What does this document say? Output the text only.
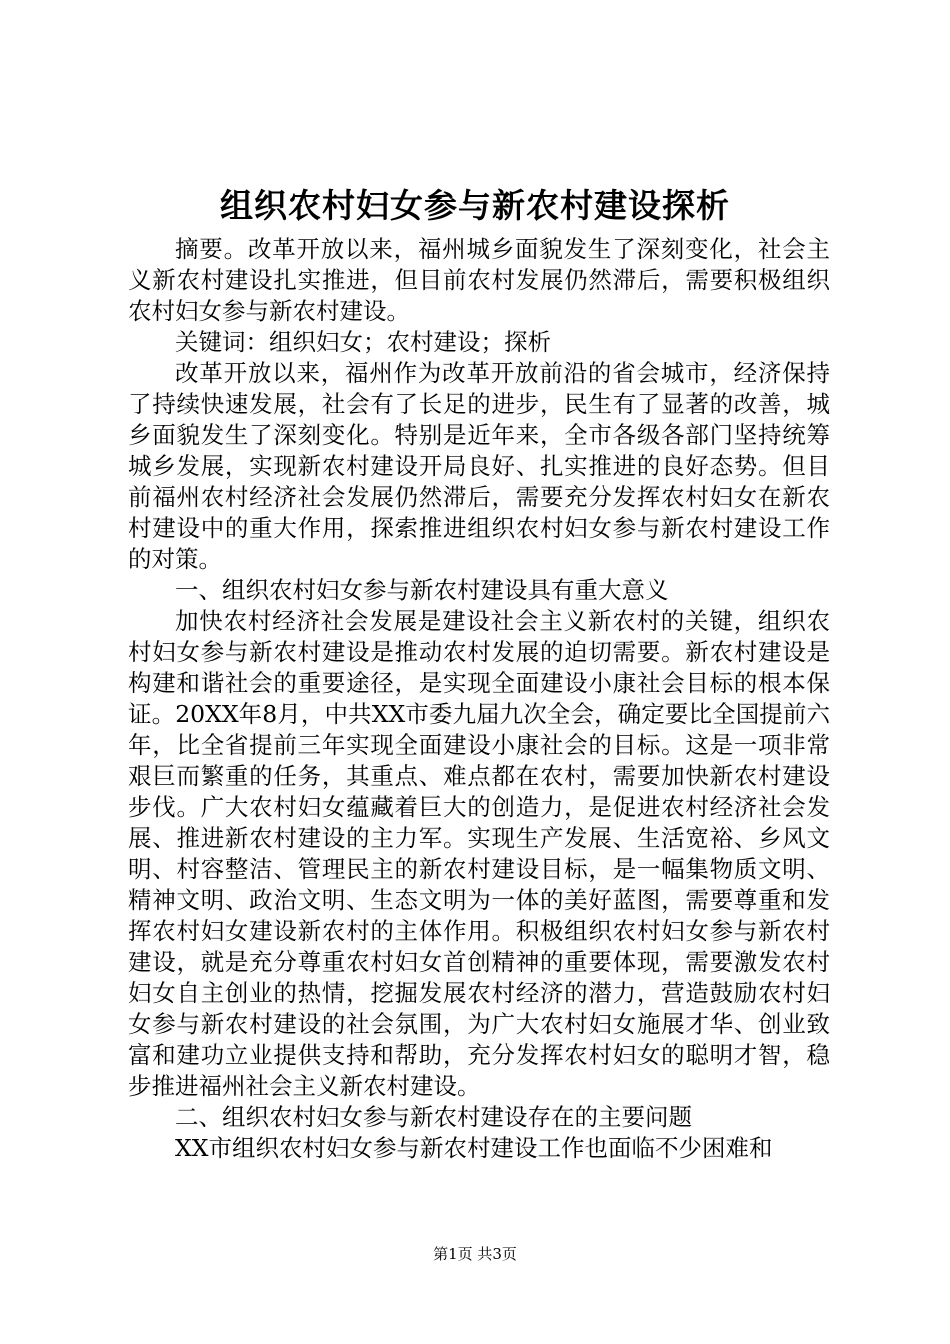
组织农村妇女参与新农村建设探析

摘要。改革开放以来，福州城乡面貌发生了深刻变化，社会主义新农村建设扎实推进，但目前农村发展仍然滞后，需要积极组织农村妇女参与新农村建设。

关键词：组织妇女；农村建设；探析

改革开放以来，福州作为改革开放前沿的省会城市，经济保持了持续快速发展，社会有了长足的进步，民生有了显著的改善，城乡面貌发生了深刻变化。特别是近年来，全市各级各部门坚持统筹城乡发展，实现新农村建设开局良好、扎实推进的良好态势。但目前福州农村经济社会发展仍然滞后，需要充分发挥农村妇女在新农村建设中的重大作用，探索推进组织农村妇女参与新农村建设工作的对策。

一、组织农村妇女参与新农村建设具有重大意义

加快农村经济社会发展是建设社会主义新农村的关键，组织农村妇女参与新农村建设是推动农村发展的迫切需要。新农村建设是构建和谐社会的重要途径，是实现全面建设小康社会目标的根本保证。20XX年8月，中共XX市委九届九次全会，确定要比全国提前六年，比全省提前三年实现全面建设小康社会的目标。这是一项非常艰巨而繁重的任务，其重点、难点都在农村，需要加快新农村建设步伐。广大农村妇女蕴藏着巨大的创造力，是促进农村经济社会发展、推进新农村建设的主力军。实现生产发展、生活宽裕、乡风文明、村容整洁、管理民主的新农村建设目标，是一幅集物质文明、精神文明、政治文明、生态文明为一体的美好蓝图，需要尊重和发挥农村妇女建设新农村的主体作用。积极组织农村妇女参与新农村建设，就是充分尊重农村妇女首创精神的重要体现，需要激发农村妇女自主创业的热情，挖掘发展农村经济的潜力，营造鼓励农村妇女参与新农村建设的社会氛围，为广大农村妇女施展才华、创业致富和建功立业提供支持和帮助，充分发挥农村妇女的聪明才智，稳步推进福州社会主义新农村建设。

二、组织农村妇女参与新农村建设存在的主要问题

XX市组织农村妇女参与新农村建设工作也面临不少困难和

第1页 共3页
